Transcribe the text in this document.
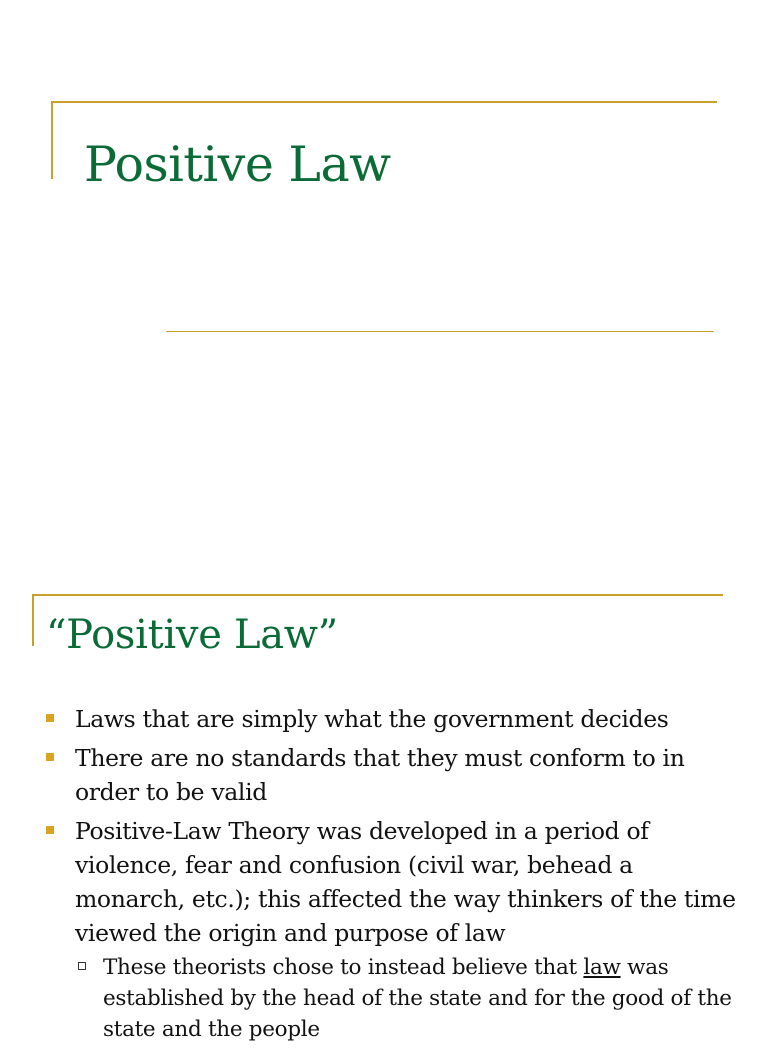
Positive Law
“Positive Law”
Laws that are simply what the government decides
There are no standards that they must conform to in order to be valid
Positive-Law Theory was developed in a period of violence, fear and confusion (civil war, behead a monarch, etc.); this affected the way thinkers of the time viewed the origin and purpose of law
These theorists chose to instead believe that law was established by the head of the state and for the good of the state and the people
